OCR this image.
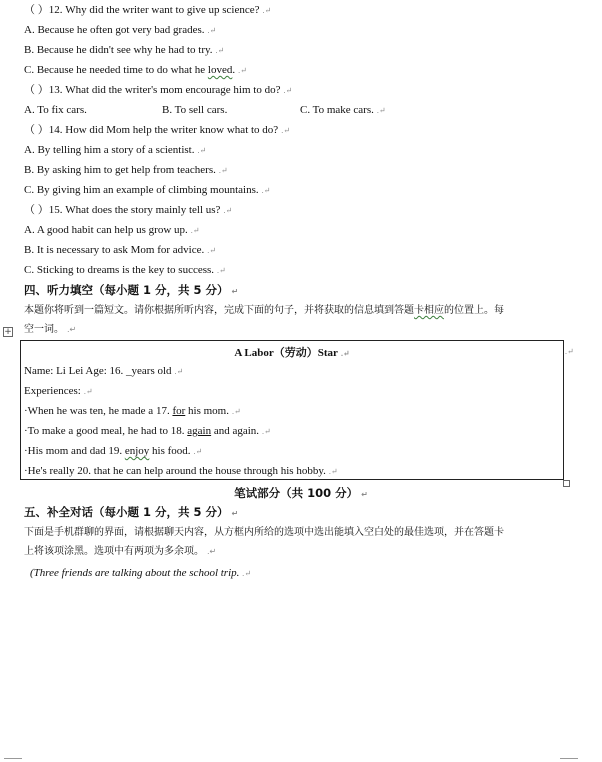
（ ）12. Why did the writer want to give up science? .↵
A. Because he often got very bad grades. .↵
B. Because he didn't see why he had to try. .↵
C. Because he needed time to do what he loved. .↵
（ ）13. What did the writer's mom encourage him to do? .↵
A. To fix cars.	B. To sell cars.	C. To make cars. .↵
（ ）14. How did Mom help the writer know what to do? .↵
A. By telling him a story of a scientist. .↵
B. By asking him to get help from teachers. .↵
C. By giving him an example of climbing mountains. .↵
（ ）15. What does the story mainly tell us? .↵
A. A good habit can help us grow up. .↵
B. It is necessary to ask Mom for advice. .↵
C. Sticking to dreams is the key to success. .↵
四、听力填空（每小题 1 分，共 5 分） ↵
本题你将听到一篇短文。请你根据所听内容，完成下面的句子，并将获取的信息填到答题卡相应的位置上。每
空一词。 .↵
+
A Labor（劳动）Star .↵
Name: Li Lei Age: 16. _years old .↵
Experiences: .↵
·When he was ten, he made a 17. for his mom. .↵
·To make a good meal, he had to 18. again and again. .↵
·His mom and dad 19. enjoy his food. .↵
·He's really 20. that he can help around the house through his hobby. .↵
.↵
笔试部分（共 100 分） ↵
五、补全对话（每小题 1 分，共 5 分） ↵
下面是手机群聊的界面，请根据聊天内容，从方框内所给的选项中选出能填入空白处的最佳选项，并在答题卡
上将该项涂黑。选项中有两项为多余项。 .↵
(Three friends are talking about the school trip. .↵
